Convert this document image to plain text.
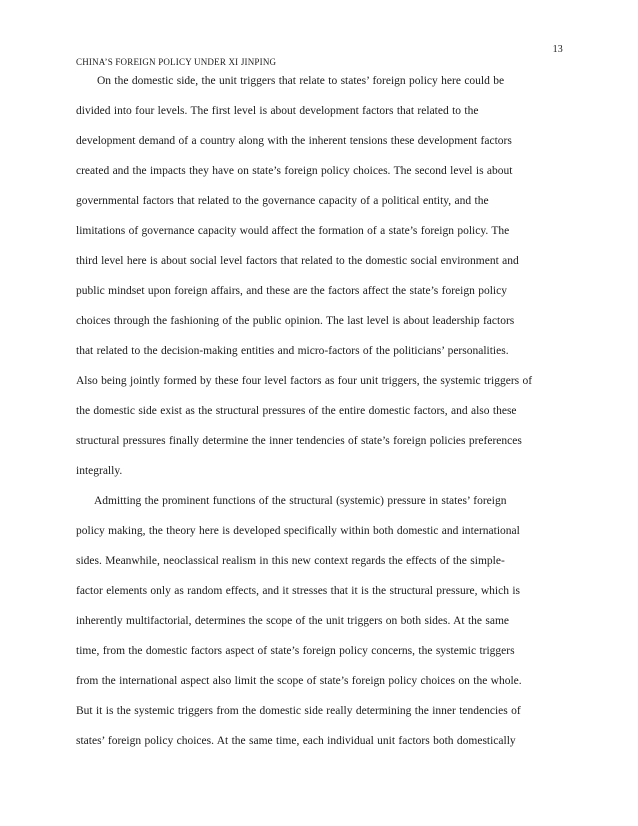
13
CHINA’S FOREIGN POLICY UNDER XI JINPING
On the domestic side, the unit triggers that relate to states’ foreign policy here could be
divided into four levels. The first level is about development factors that related to the
development demand of a country along with the inherent tensions these development factors
created and the impacts they have on state’s foreign policy choices. The second level is about
governmental factors that related to the governance capacity of a political entity, and the
limitations of governance capacity would affect the formation of a state’s foreign policy. The
third level here is about social level factors that related to the domestic social environment and
public mindset upon foreign affairs, and these are the factors affect the state’s foreign policy
choices through the fashioning of the public opinion. The last level is about leadership factors
that related to the decision-making entities and micro-factors of the politicians’ personalities.
Also being jointly formed by these four level factors as four unit triggers, the systemic triggers of
the domestic side exist as the structural pressures of the entire domestic factors, and also these
structural pressures finally determine the inner tendencies of state’s foreign policies preferences
integrally.
Admitting the prominent functions of the structural (systemic) pressure in states’ foreign
policy making, the theory here is developed specifically within both domestic and international
sides. Meanwhile, neoclassical realism in this new context regards the effects of the simple-
factor elements only as random effects, and it stresses that it is the structural pressure, which is
inherently multifactorial, determines the scope of the unit triggers on both sides. At the same
time, from the domestic factors aspect of state’s foreign policy concerns, the systemic triggers
from the international aspect also limit the scope of state’s foreign policy choices on the whole.
But it is the systemic triggers from the domestic side really determining the inner tendencies of
states’ foreign policy choices. At the same time, each individual unit factors both domestically
